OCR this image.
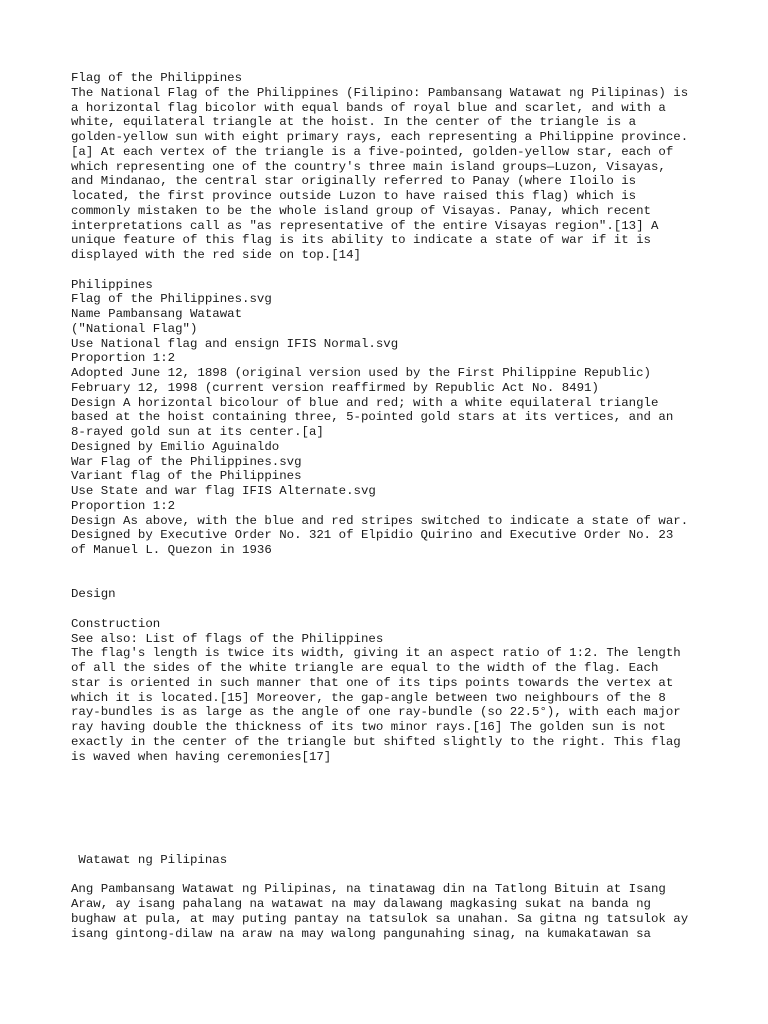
Flag of the Philippines
The National Flag of the Philippines (Filipino: Pambansang Watawat ng Pilipinas) is
a horizontal flag bicolor with equal bands of royal blue and scarlet, and with a
white, equilateral triangle at the hoist. In the center of the triangle is a
golden-yellow sun with eight primary rays, each representing a Philippine province.
[a] At each vertex of the triangle is a five-pointed, golden-yellow star, each of
which representing one of the country's three main island groups—Luzon, Visayas,
and Mindanao, the central star originally referred to Panay (where Iloilo is
located, the first province outside Luzon to have raised this flag) which is
commonly mistaken to be the whole island group of Visayas. Panay, which recent
interpretations call as "as representative of the entire Visayas region".[13] A
unique feature of this flag is its ability to indicate a state of war if it is
displayed with the red side on top.[14]
Philippines
Flag of the Philippines.svg
Name Pambansang Watawat
("National Flag")
Use National flag and ensign IFIS Normal.svg
Proportion 1:2
Adopted June 12, 1898 (original version used by the First Philippine Republic)
February 12, 1998 (current version reaffirmed by Republic Act No. 8491)
Design A horizontal bicolour of blue and red; with a white equilateral triangle
based at the hoist containing three, 5-pointed gold stars at its vertices, and an
8-rayed gold sun at its center.[a]
Designed by Emilio Aguinaldo
War Flag of the Philippines.svg
Variant flag of the Philippines
Use State and war flag IFIS Alternate.svg
Proportion 1:2
Design As above, with the blue and red stripes switched to indicate a state of war.
Designed by Executive Order No. 321 of Elpidio Quirino and Executive Order No. 23
of Manuel L. Quezon in 1936
Design
Construction
See also: List of flags of the Philippines
The flag's length is twice its width, giving it an aspect ratio of 1:2. The length
of all the sides of the white triangle are equal to the width of the flag. Each
star is oriented in such manner that one of its tips points towards the vertex at
which it is located.[15] Moreover, the gap-angle between two neighbours of the 8
ray-bundles is as large as the angle of one ray-bundle (so 22.5°), with each major
ray having double the thickness of its two minor rays.[16] The golden sun is not
exactly in the center of the triangle but shifted slightly to the right. This flag
is waved when having ceremonies[17]
Watawat ng Pilipinas
Ang Pambansang Watawat ng Pilipinas, na tinatawag din na Tatlong Bituin at Isang
Araw, ay isang pahalang na watawat na may dalawang magkasing sukat na banda ng
bughaw at pula, at may puting pantay na tatsulok sa unahan. Sa gitna ng tatsulok ay
isang gintong-dilaw na araw na may walong pangunahing sinag, na kumakatawan sa
